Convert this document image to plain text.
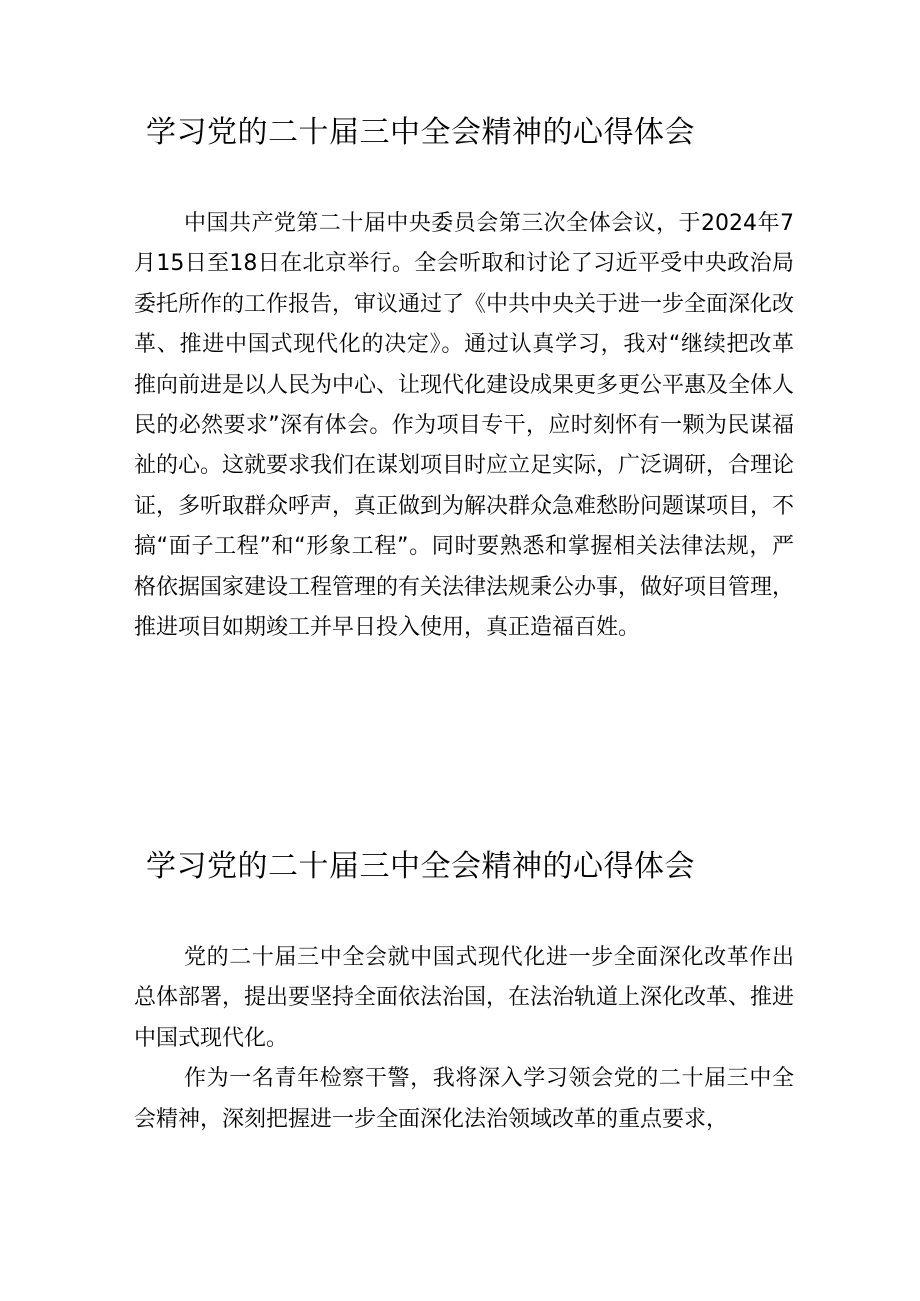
学习党的二十届三中全会精神的心得体会

中国共产党第二十届中央委员会第三次全体会议，于2024年7月15日至18日在北京举行。全会听取和讨论了习近平受中央政治局委托所作的工作报告，审议通过了《中共中央关于进一步全面深化改革、推进中国式现代化的决定》。通过认真学习，我对“继续把改革推向前进是以人民为中心、让现代化建设成果更多更公平惠及全体人民的必然要求”深有体会。作为项目专干，应时刻怀有一颗为民谋福祉的心。这就要求我们在谋划项目时应立足实际，广泛调研，合理论证，多听取群众呼声，真正做到为解决群众急难愁盼问题谋项目，不搞“面子工程”和“形象工程”。同时要熟悉和掌握相关法律法规，严格依据国家建设工程管理的有关法律法规秉公办事，做好项目管理，推进项目如期竣工并早日投入使用，真正造福百姓。

学习党的二十届三中全会精神的心得体会

党的二十届三中全会就中国式现代化进一步全面深化改革作出总体部署，提出要坚持全面依法治国，在法治轨道上深化改革、推进中国式现代化。

作为一名青年检察干警，我将深入学习领会党的二十届三中全会精神，深刻把握进一步全面深化法治领域改革的重点要求，
